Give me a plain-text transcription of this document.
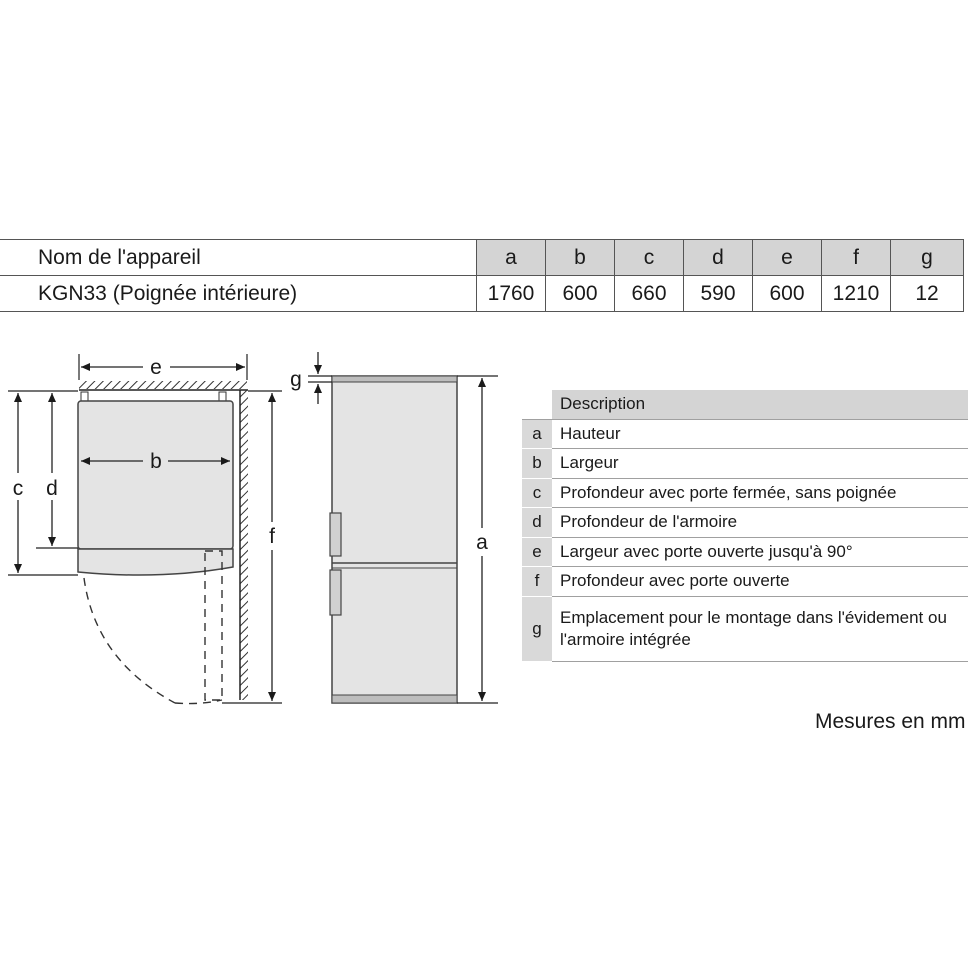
Nom de l'appareil	a	b	c	d	e	f	g
KGN33 (Poignée intérieure)	1760	600	660	590	600	1210	12
e
b
c d
f
g
a
	Description
a	Hauteur
b	Largeur
c	Profondeur avec porte fermée, sans poignée
d	Profondeur de l'armoire
e	Largeur avec porte ouverte jusqu'à 90°
f	Profondeur avec porte ouverte
g	Emplacement pour le montage dans l'évidement ou l'armoire intégrée
Mesures en mm
